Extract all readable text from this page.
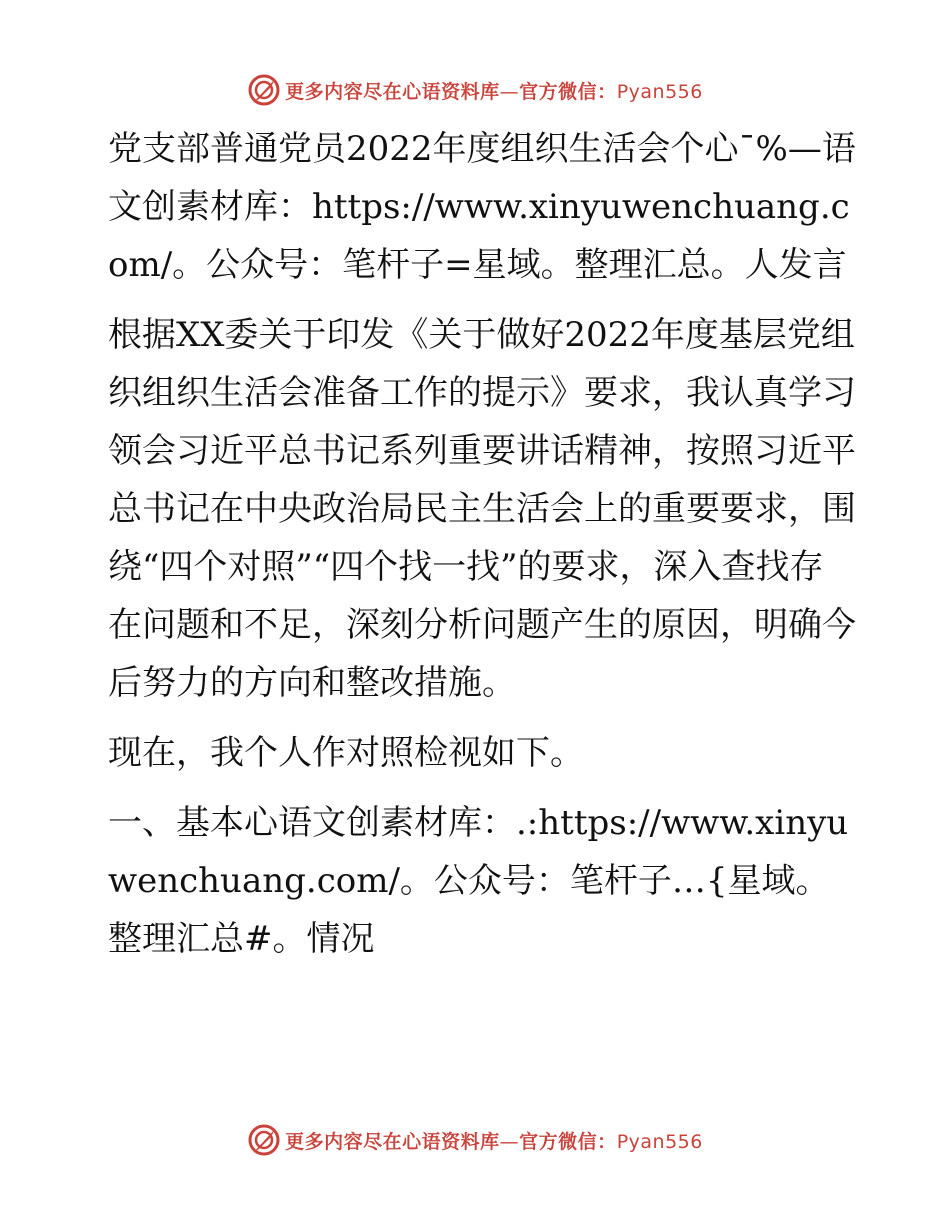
更多内容尽在心语资料库—官方微信：Pyan556

党支部普通党员2022年度组织生活会个心¯%—语文创素材库：https://www.xinyuwenchuang.com/。公众号：笔杆子=星域。整理汇总。人发言

根据XX委关于印发《关于做好2022年度基层党组织组织生活会准备工作的提示》要求，我认真学习领会习近平总书记系列重要讲话精神，按照习近平总书记在中央政治局民主生活会上的重要要求，围绕“四个对照”“四个找一找”的要求，深入查找存在问题和不足，深刻分析问题产生的原因，明确今后努力的方向和整改措施。

现在，我个人作对照检视如下。

一、基本心语文创素材库：.:https://www.xinyuwenchuang.com/。公众号：笔杆子…{星域。整理汇总#。情况

更多内容尽在心语资料库—官方微信：Pyan556
